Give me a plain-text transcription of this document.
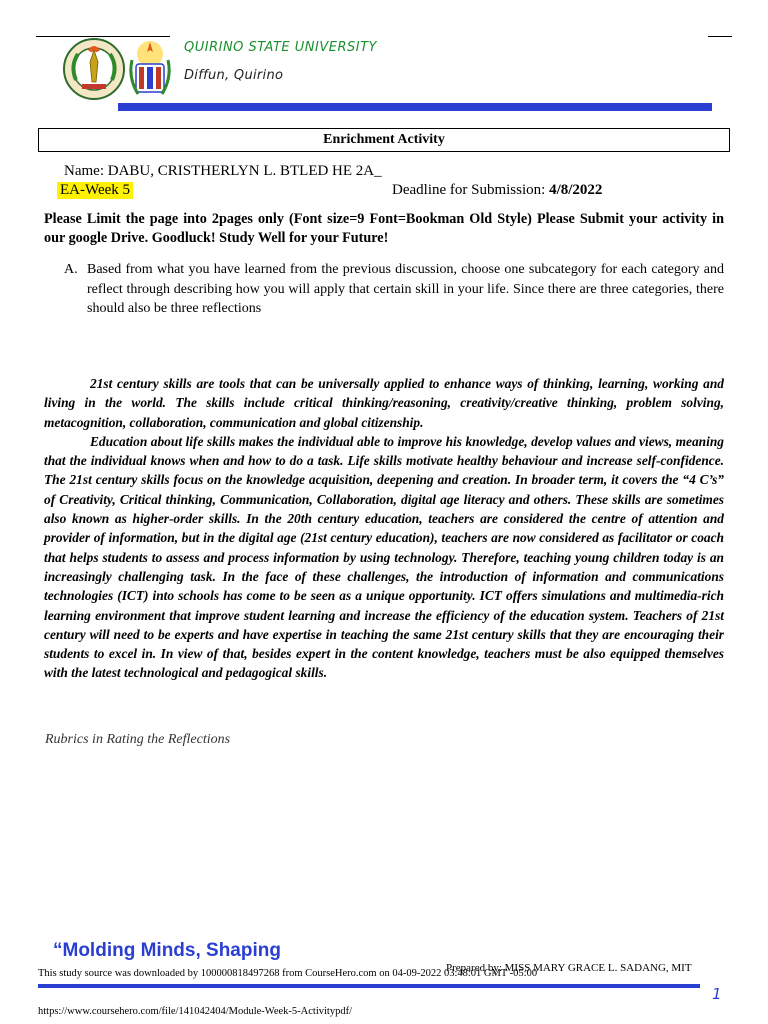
QUIRINO STATE UNIVERSITY
Diffun, Quirino
Enrichment Activity
Name: DABU, CRISTHERLYN L. BTLED HE 2A_
EA-Week 5	Deadline for Submission: 4/8/2022
Please Limit the page into 2pages only (Font size=9 Font=Bookman Old Style) Please Submit your activity in our google Drive. Goodluck! Study Well for your Future!
A. Based from what you have learned from the previous discussion, choose one subcategory for each category and reflect through describing how you will apply that certain skill in your life. Since there are three categories, there should also be three reflections

21st century skills are tools that can be universally applied to enhance ways of thinking, learning, working and living in the world. The skills include critical thinking/reasoning, creativity/creative thinking, problem solving, metacognition, collaboration, communication and global citizenship.

Education about life skills makes the individual able to improve his knowledge, develop values and views, meaning that the individual knows when and how to do a task. Life skills motivate healthy behaviour and increase self-confidence. The 21st century skills focus on the knowledge acquisition, deepening and creation. In broader term, it covers the “4 C’s” of Creativity, Critical thinking, Communication, Collaboration, digital age literacy and others. These skills are sometimes also known as higher-order skills. In the 20th century education, teachers are considered the centre of attention and provider of information, but in the digital age (21st century education), teachers are now considered as facilitator or coach that helps students to assess and process information by using technology. Therefore, teaching young children today is an increasingly challenging task. In the face of these challenges, the introduction of information and communications technologies (ICT) into schools has come to be seen as a unique opportunity. ICT offers simulations and multimedia-rich learning environment that improve student learning and increase the efficiency of the education system. Teachers of 21st century will need to be experts and have expertise in teaching the same 21st century skills that they are encouraging their students to excel in. In view of that, besides expert in the content knowledge, teachers must be also equipped themselves with the latest technological and pedagogical skills.

Rubrics in Rating the Reflections
“Molding Minds, Shaping
This study source was downloaded by 100000818497268 from CourseHero.com on 04-09-2022 03:48:01 GMT -05:00
Prepared by: MISS MARY GRACE L. SADANG, MIT
1
https://www.coursehero.com/file/141042404/Module-Week-5-Activitypdf/
